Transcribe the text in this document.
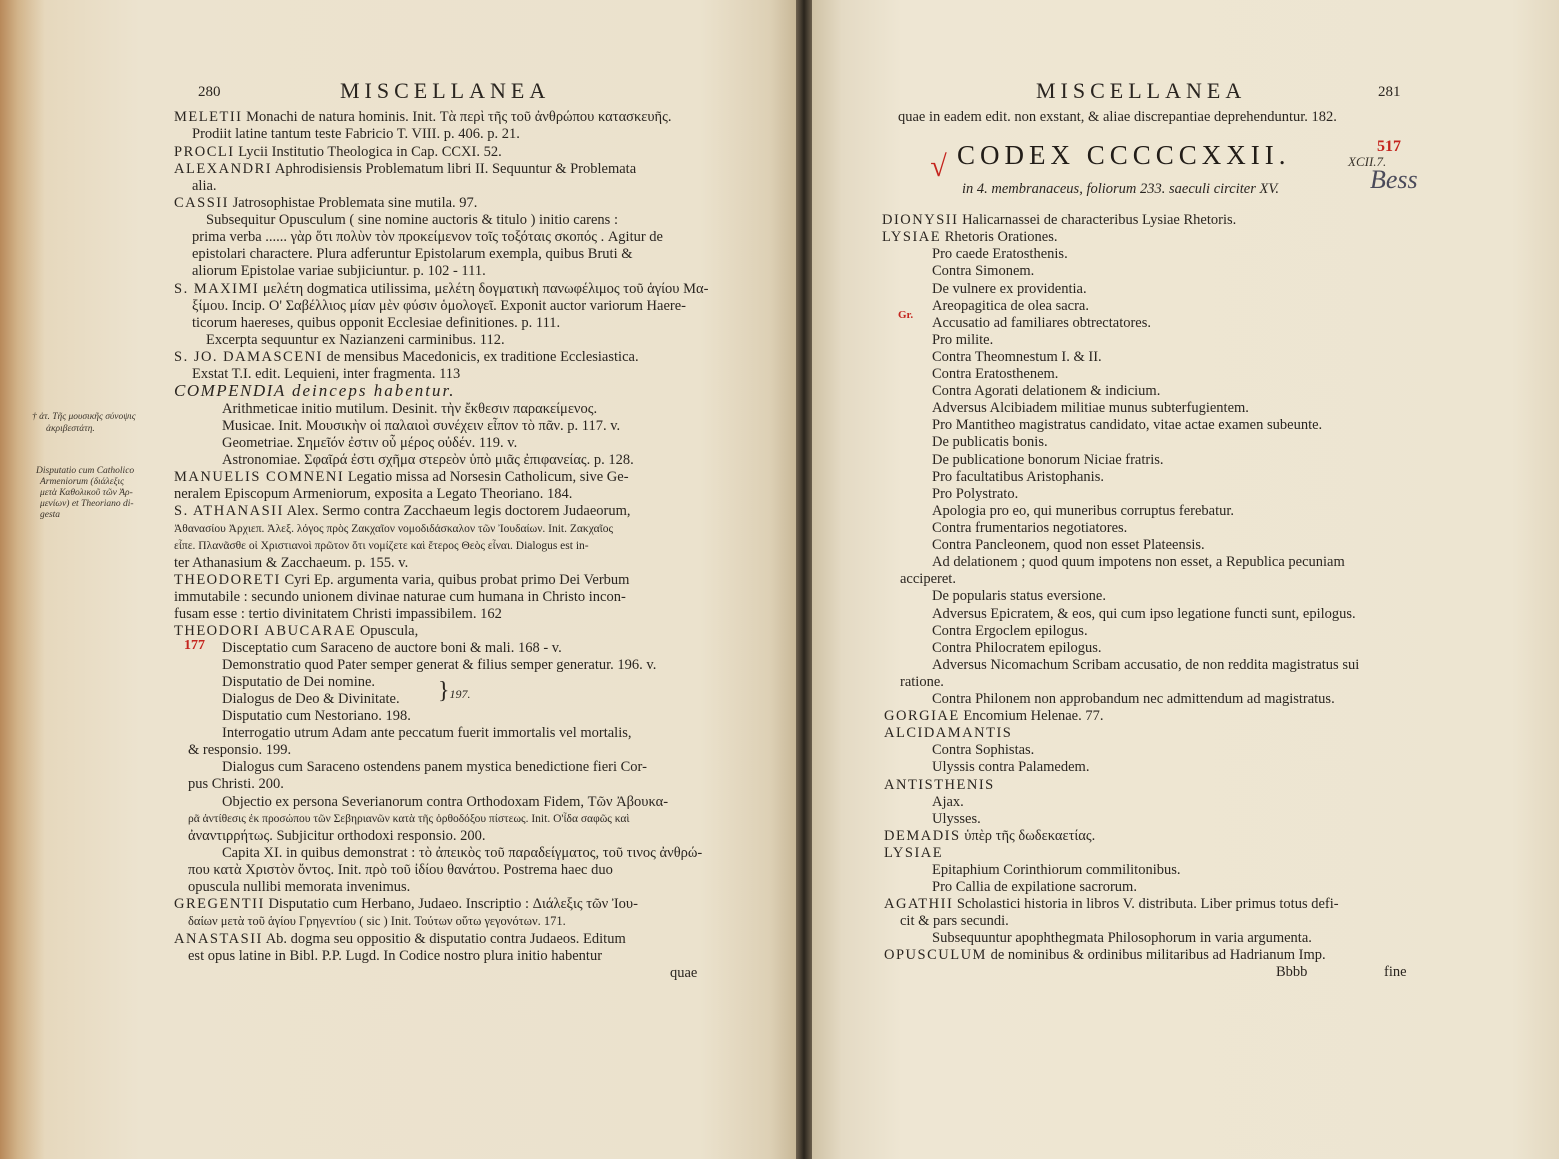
280	MISCELLANEA
MELETII Monachi de natura hominis. Init. Τὰ περὶ τῆς τοῦ ἀνθρώπου κατασκευῆς.
Prodiit latine tantum teste Fabricio T. VIII. p. 406. p. 21.
PROCLI Lycii Institutio Theologica in Cap. CCXI. 52.
ALEXANDRI Aphrodisiensis Problematum libri II. Sequuntur & Problemata
alia.
CASSII Jatrosophistae Problemata sine mutila. 97.
Subsequitur Opusculum ( sine nomine auctoris & titulo ) initio carens :
prima verba ...... γὰρ ὅτι πολὺν τὸν προκείμενον τοῖς τοξόταις σκοπός . Agitur de
epistolari charactere. Plura adferuntur Epistolarum exempla, quibus Bruti &
aliorum Epistolae variae subjiciuntur. p. 102 - 111.
S. MAXIMI μελέτη dogmatica utilissima, μελέτη δογματικὴ πανωφέλιμος τοῦ ἁγίου Μα-
ξίμου. Incip. Ο' Σαβέλλιος μίαν μὲν φύσιν ὁμολογεῖ. Exponit auctor variorum Haere-
ticorum haereses, quibus opponit Ecclesiae definitiones. p. 111.
Excerpta sequuntur ex Nazianzeni carminibus. 112.
S. JO. DAMASCENI de mensibus Macedonicis, ex traditione Ecclesiastica.
Exstat T.I. edit. Lequieni, inter fragmenta. 113
COMPENDIA deinceps habentur.
Arithmeticae initio mutilum. Desinit. τὴν ἔκθεσιν παρακείμενος.
Musicae. Init. Μουσικὴν οἱ παλαιοὶ συνέχειν εἶπον τὸ πᾶν. p. 117. v.
Geometriae. Σημεῖόν ἐστιν οὗ μέρος οὐδέν. 119. v.
Astronomiae. Σφαῖρά ἐστι σχῆμα στερεὸν ὑπὸ μιᾶς ἐπιφανείας. p. 128.
MANUELIS COMNENI Legatio missa ad Norsesin Catholicum, sive Ge-
neralem Episcopum Armeniorum, exposita a Legato Theoriano. 184.
S. ATHANASII Alex. Sermo contra Zacchaeum legis doctorem Judaeorum,
Ἀθανασίου Ἀρχιεπ. Ἀλεξ. λόγος πρὸς Ζακχαῖον νομοδιδάσκαλον τῶν Ἰουδαίων. Init. Ζακχαῖος
εἶπε. Πλανᾶσθε οἱ Χριστιανοὶ πρῶτον ὅτι νομίζετε καὶ ἕτερος Θεὸς εἶναι. Dialogus est in-
ter Athanasium & Zacchaeum. p. 155. v.
THEODORETI Cyri Ep. argumenta varia, quibus probat primo Dei Verbum
immutabile : secundo unionem divinae naturae cum humana in Christo incon-
fusam esse : tertio divinitatem Christi impassibilem. 162
THEODORI ABUCARAE Opuscula,
Disceptatio cum Saraceno de auctore boni & mali. 168 - v.
Demonstratio quod Pater semper generat & filius semper generatur. 196. v.
Disputatio de Dei nomine.
Dialogus de Deo & Divinitate. }197.
Disputatio cum Nestoriano. 198.
Interrogatio utrum Adam ante peccatum fuerit immortalis vel mortalis,
& responsio. 199.
Dialogus cum Saraceno ostendens panem mystica benedictione fieri Cor-
pus Christi. 200.
Objectio ex persona Severianorum contra Orthodoxam Fidem, Τῶν Ἀβουκα-
ρᾶ ἀντίθεσις ἐκ προσώπου τῶν Σεβηριανῶν κατὰ τῆς ὀρθοδόξου πίστεως. Init. Ο'ἶδα σαφῶς καὶ
ἀναντιρρήτως. Subjicitur orthodoxi responsio. 200.
Capita XI. in quibus demonstrat : τὸ ἀπεικὸς τοῦ παραδείγματος, τοῦ τινος ἀνθρώ-
που κατὰ Χριστὸν ὄντος. Init. πρὸ τοῦ ἰδίου θανάτου. Postrema haec duo
opuscula nullibi memorata invenimus.
GREGENTII Disputatio cum Herbano, Judaeo. Inscriptio : Διάλεξις τῶν Ἰου-
δαίων μετὰ τοῦ ἁγίου Γρηγεντίου ( sic ) Init. Τούτων οὕτω γεγονότων. 171.
ANASTASII Ab. dogma seu oppositio & disputatio contra Judaeos. Editum
est opus latine in Bibl. P.P. Lugd. In Codice nostro plura initio habentur
quae
† ἀτ. Τῆς μουσικῆς σύνοψις
ἀκριβεστάτη.
Disputatio cum Catholico
Armeniorum (διάλεξις
μετὰ Καθολικοῦ τῶν Ἀρ-
μενίων) et Theoriano di-
gesta
177
MISCELLANEA	281
quae in eadem edit. non exstant, & aliae discrepantiae deprehenduntur. 182.
√ CODEX CCCCCXXII.	517
XCII.7.
Bess
in 4. membranaceus, foliorum 233. saeculi circiter XV.
DIONYSII Halicarnassei de characteribus Lysiae Rhetoris.
LYSIAE Rhetoris Orationes.
Pro caede Eratosthenis.
Contra Simonem.
De vulnere ex providentia.
Areopagitica de olea sacra.
Accusatio ad familiares obtrectatores.
Pro milite.
Contra Theomnestum I. & II.
Contra Eratosthenem.
Contra Agorati delationem & indicium.
Adversus Alcibiadem militiae munus subterfugientem.
Pro Mantitheo magistratus candidato, vitae actae examen subeunte.
De publicatis bonis.
De publicatione bonorum Niciae fratris.
Pro facultatibus Aristophanis.
Pro Polystrato.
Apologia pro eo, qui muneribus corruptus ferebatur.
Contra frumentarios negotiatores.
Contra Pancleonem, quod non esset Plateensis.
Ad delationem ; quod quum impotens non esset, a Republica pecuniam
acciperet.
De popularis status eversione.
Adversus Epicratem, & eos, qui cum ipso legatione functi sunt, epilogus.
Contra Ergoclem epilogus.
Contra Philocratem epilogus.
Adversus Nicomachum Scribam accusatio, de non reddita magistratus sui
ratione.
Contra Philonem non approbandum nec admittendum ad magistratus.
GORGIAE Encomium Helenae. 77.
ALCIDAMANTIS
Contra Sophistas.
Ulyssis contra Palamedem.
ANTISTHENIS
Ajax.
Ulysses.
DEMADIS ὑπὲρ τῆς δωδεκαετίας.
LYSIAE
Epitaphium Corinthiorum commilitonibus.
Pro Callia de expilatione sacrorum.
AGATHII Scholastici historia in libros V. distributa. Liber primus totus defi-
cit & pars secundi.
Subsequuntur apophthegmata Philosophorum in varia argumenta.
OPUSCULUM de nominibus & ordinibus militaribus ad Hadrianum Imp.
Bbbb	fine
Gr.
